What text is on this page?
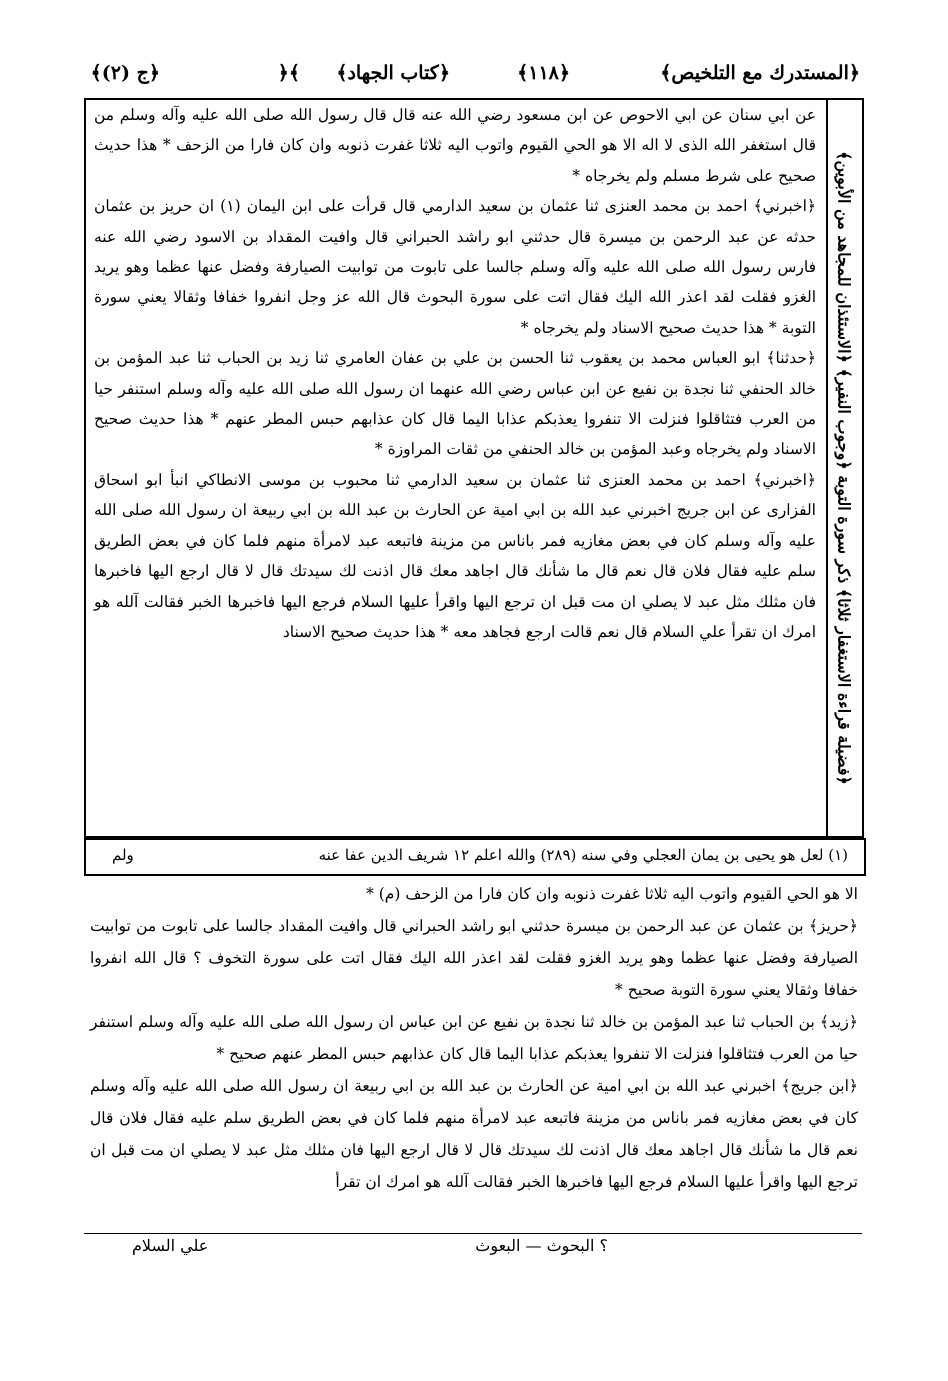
﴿المستدرك مع التلخيص﴾
﴿۱۱۸﴾
﴿كتاب الجهاد﴾
﴾﴿
﴿ج (۲)﴾
﴿فضيلة قراءة الاستغفار ثلاثا﴾ ذكر سورة التوبة ﴿وجوب النفير﴾ ﴿الاستئذان للمجاهد من الأبوين﴾

عن ابي سنان عن ابي الاحوص عن ابن مسعود رضي الله عنه قال قال رسول الله صلى الله عليه وآله وسلم من قال استغفر الله الذى لا اله الا هو الحي القيوم واتوب اليه ثلاثا غفرت ذنوبه وان كان فارا من الزحف * هذا حديث صحيح على شرط مسلم ولم يخرجاه *

﴿اخبرني﴾ احمد بن محمد العنزى ثنا عثمان بن سعيد الدارمي قال قرأت على ابن اليمان (۱) ان حريز بن عثمان حدثه عن عبد الرحمن بن ميسرة قال حدثني ابو راشد الحبراني قال وافيت المقداد بن الاسود رضي الله عنه فارس رسول الله صلى الله عليه وآله وسلم جالسا على تابوت من توابيت الصيارفة وفضل عنها عظما وهو يريد الغزو فقلت لقد اعذر الله اليك فقال اتت على سورة البحوث قال الله عز وجل انفروا خفافا وثقالا يعني سورة التوبة * هذا حديث صحيح الاسناد ولم يخرجاه *

﴿حدثنا﴾ ابو العباس محمد بن يعقوب ثنا الحسن بن علي بن عفان العامري ثنا زيد بن الحباب ثنا عبد المؤمن بن خالد الحنفي ثنا نجدة بن نفيع عن ابن عباس رضي الله عنهما ان رسول الله صلى الله عليه وآله وسلم استنفر حيا من العرب فتثاقلوا فنزلت الا تنفروا يعذبكم عذابا اليما قال كان عذابهم حبس المطر عنهم * هذا حديث صحيح الاسناد ولم يخرجاه وعبد المؤمن بن خالد الحنفي من ثقات المراوزة *

﴿اخبرني﴾ احمد بن محمد العنزى ثنا عثمان بن سعيد الدارمي ثنا محبوب بن موسى الانطاكي انبأ ابو اسحاق الفزارى عن ابن جريج اخبرني عبد الله بن ابي امية عن الحارث بن عبد الله بن ابي ربيعة ان رسول الله صلى الله عليه وآله وسلم كان في بعض مغازيه فمر باناس من مزينة فاتبعه عبد لامرأة منهم فلما كان في بعض الطريق سلم عليه فقال فلان قال نعم قال ما شأنك قال اجاهد معك قال اذنت لك سيدتك قال لا قال ارجع اليها فاخبرها فان مثلك مثل عبد لا يصلي ان مت قبل ان ترجع اليها واقرأ عليها السلام فرجع اليها فاخبرها الخبر فقالت آلله هو امرك ان تقرأ علي السلام قال نعم قالت ارجع فجاهد معه * هذا حديث صحيح الاسناد

(۱) لعل هو يحيى بن يمان العجلي وفي سنه (۲۸۹) والله اعلم ۱۲ شريف الدين عفا عنه
ولم

الا هو الحي القيوم واتوب اليه ثلاثا غفرت ذنوبه وان كان فارا من الزحف (م) *

﴿حريز﴾ بن عثمان عن عبد الرحمن بن ميسرة حدثني ابو راشد الحبراني قال وافيت المقداد جالسا على تابوت من توابيت الصيارفة وفضل عنها عظما وهو يريد الغزو فقلت لقد اعذر الله اليك فقال اتت على سورة التخوف ؟ قال الله انفروا خفافا وثقالا يعني سورة التوبة صحيح *

﴿زيد﴾ بن الحباب ثنا عبد المؤمن بن خالد ثنا نجدة بن نفيع عن ابن عباس ان رسول الله صلى الله عليه وآله وسلم استنفر حيا من العرب فتثاقلوا فنزلت الا تنفروا يعذبكم عذابا اليما قال كان عذابهم حبس المطر عنهم صحيح *

﴿ابن جريج﴾ اخبرني عبد الله بن ابي امية عن الحارث بن عبد الله بن ابي ربيعة ان رسول الله صلى الله عليه وآله وسلم كان في بعض مغازيه فمر باناس من مزينة فاتبعه عبد لامرأة منهم فلما كان في بعض الطريق سلم عليه فقال فلان قال نعم قال ما شأنك قال اجاهد معك قال اذنت لك سيدتك قال لا قال ارجع اليها فان مثلك مثل عبد لا يصلي ان مت قبل ان ترجع اليها واقرأ عليها السلام فرجع اليها فاخبرها الخبر فقالت آلله هو امرك ان تقرأ

؟ البحوث — البعوث
علي السلام
